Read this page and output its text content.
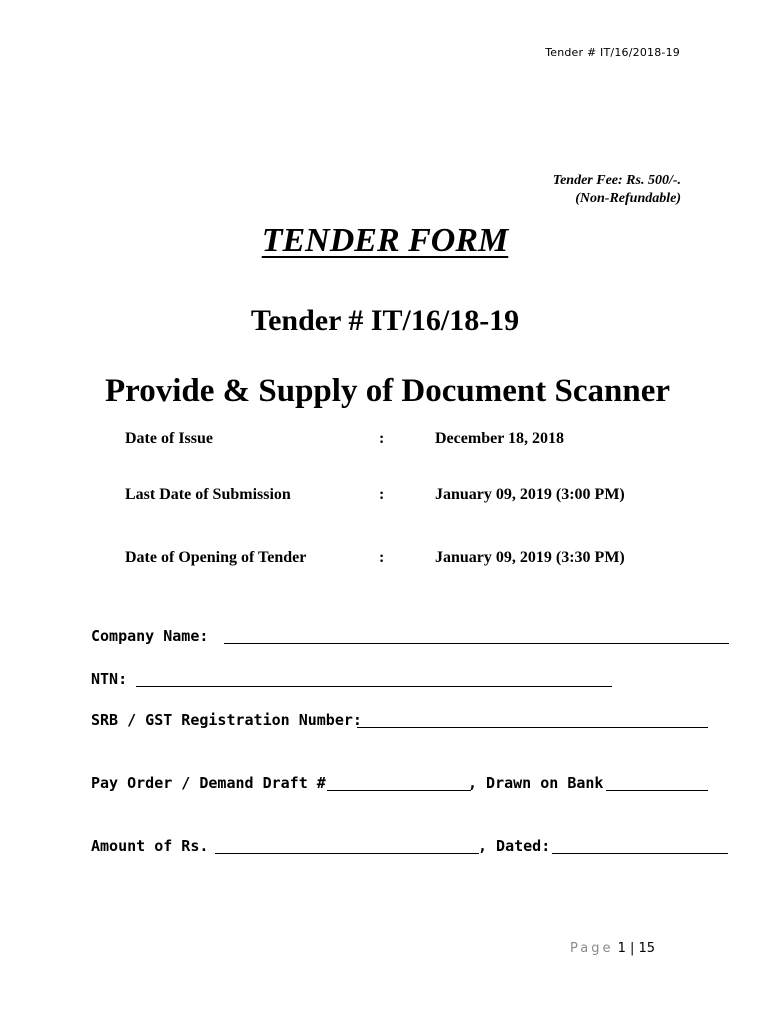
Tender # IT/16/2018-19
Tender Fee: Rs. 500/-.
(Non-Refundable)
TENDER FORM
Tender # IT/16/18-19
Provide & Supply of Document Scanner
Date of Issue	:	December 18, 2018
Last Date of Submission	:	January 09, 2019 (3:00 PM)
Date of Opening of Tender	:	January 09, 2019 (3:30 PM)
Company Name:
NTN:
SRB / GST Registration Number:
Pay Order / Demand Draft #	, Drawn on Bank
Amount of Rs.	, Dated:
Page 1 | 15
